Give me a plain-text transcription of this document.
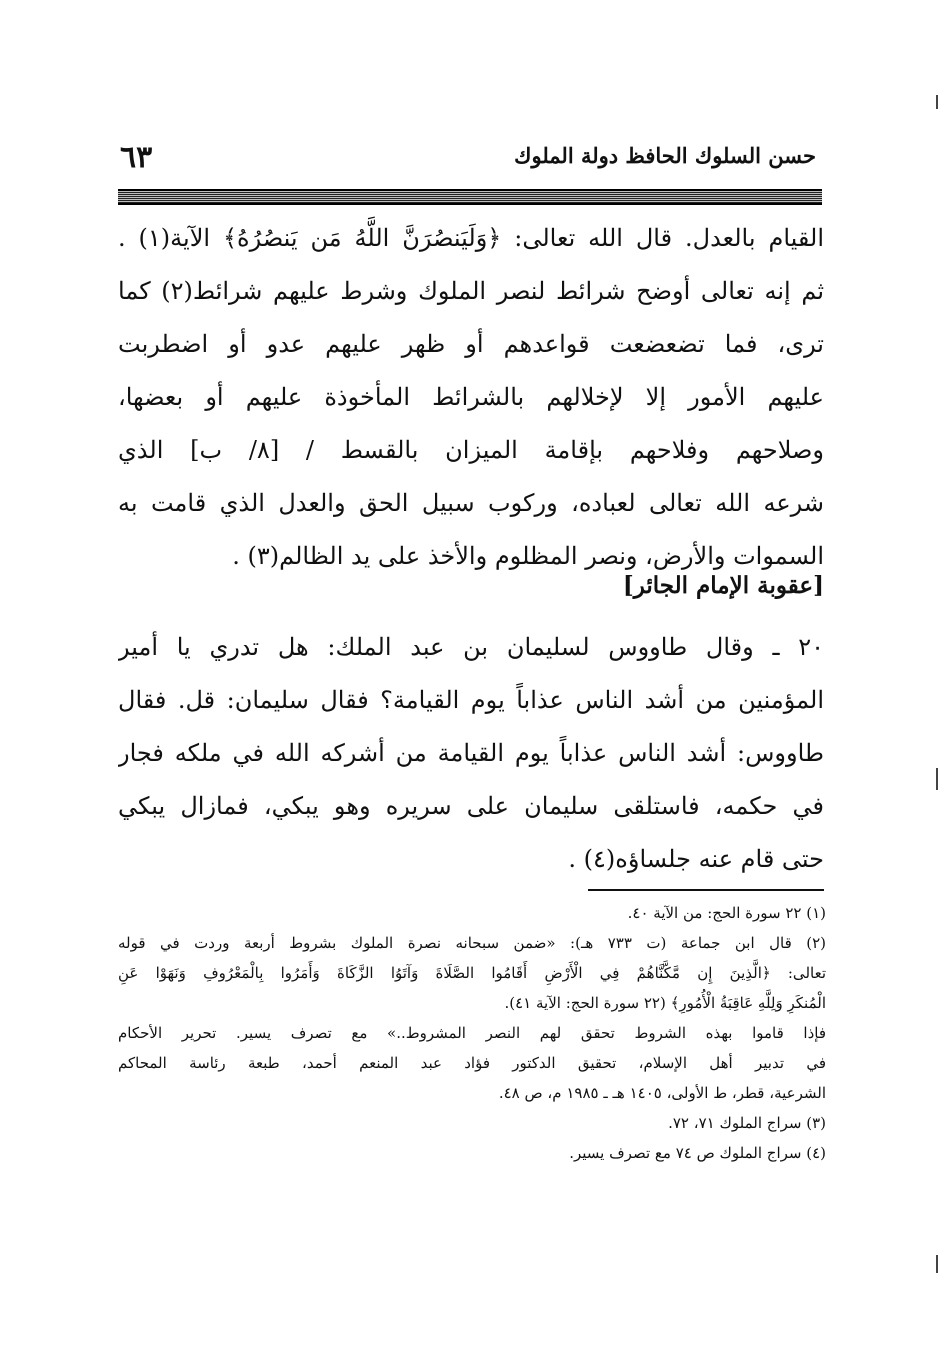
٦٣	حسن السلوك الحافظ دولة الملوك
القيام بالعدل. قال الله تعالى: ﴿وَلَيَنصُرَنَّ اللَّهُ مَن يَنصُرُهُ﴾ الآية(١) .
ثم إنه تعالى أوضح شرائط لنصر الملوك وشرط عليهم شرائط(٢) كما
ترى، فما تضعضعت قواعدهم أو ظهر عليهم عدو أو اضطربت
عليهم الأمور إلا لإخلالهم بالشرائط المأخوذة عليهم أو بعضها،
وصلاحهم وفلاحهم بإقامة الميزان بالقسط / [٨/ ب] الذي
شرعه الله تعالى لعباده، وركوب سبيل الحق والعدل الذي قامت به
السموات والأرض، ونصر المظلوم والأخذ على يد الظالم(٣) .
[عقوبة الإمام الجائر]
٢٠ ـ وقال طاووس لسليمان بن عبد الملك: هل تدري يا أمير
المؤمنين من أشد الناس عذاباً يوم القيامة؟ فقال سليمان: قل. فقال
طاووس: أشد الناس عذاباً يوم القيامة من أشركه الله في ملكه فجار
في حكمه، فاستلقى سليمان على سريره وهو يبكي، فمازال يبكي
حتى قام عنه جلساؤه(٤) .
(١) ٢٢ سورة الحج: من الآية ٤٠.
(٢) قال ابن جماعة (ت ٧٣٣ هـ): «ضمن سبحانه نصرة الملوك بشروط أربعة وردت في قوله
تعالى: ﴿الَّذِينَ إِن مَّكَّنَّاهُمْ فِي الْأَرْضِ أَقَامُوا الصَّلَاةَ وَآتَوُا الزَّكَاةَ وَأَمَرُوا بِالْمَعْرُوفِ وَنَهَوْا عَنِ
الْمُنكَرِ وَلِلَّهِ عَاقِبَةُ الْأُمُورِ﴾ (٢٢ سورة الحج: الآية ٤١).
فإذا قاموا بهذه الشروط تحقق لهم النصر المشروط..» مع تصرف يسير. تحرير الأحكام
في تدبير أهل الإسلام، تحقيق الدكتور فؤاد عبد المنعم أحمد، طبعة رئاسة المحاكم
الشرعية، قطر، ط الأولى، ١٤٠٥ هـ ـ ١٩٨٥ م، ص ٤٨.
(٣) سراج الملوك ٧١، ٧٢.
(٤) سراج الملوك ص ٧٤ مع تصرف يسير.
